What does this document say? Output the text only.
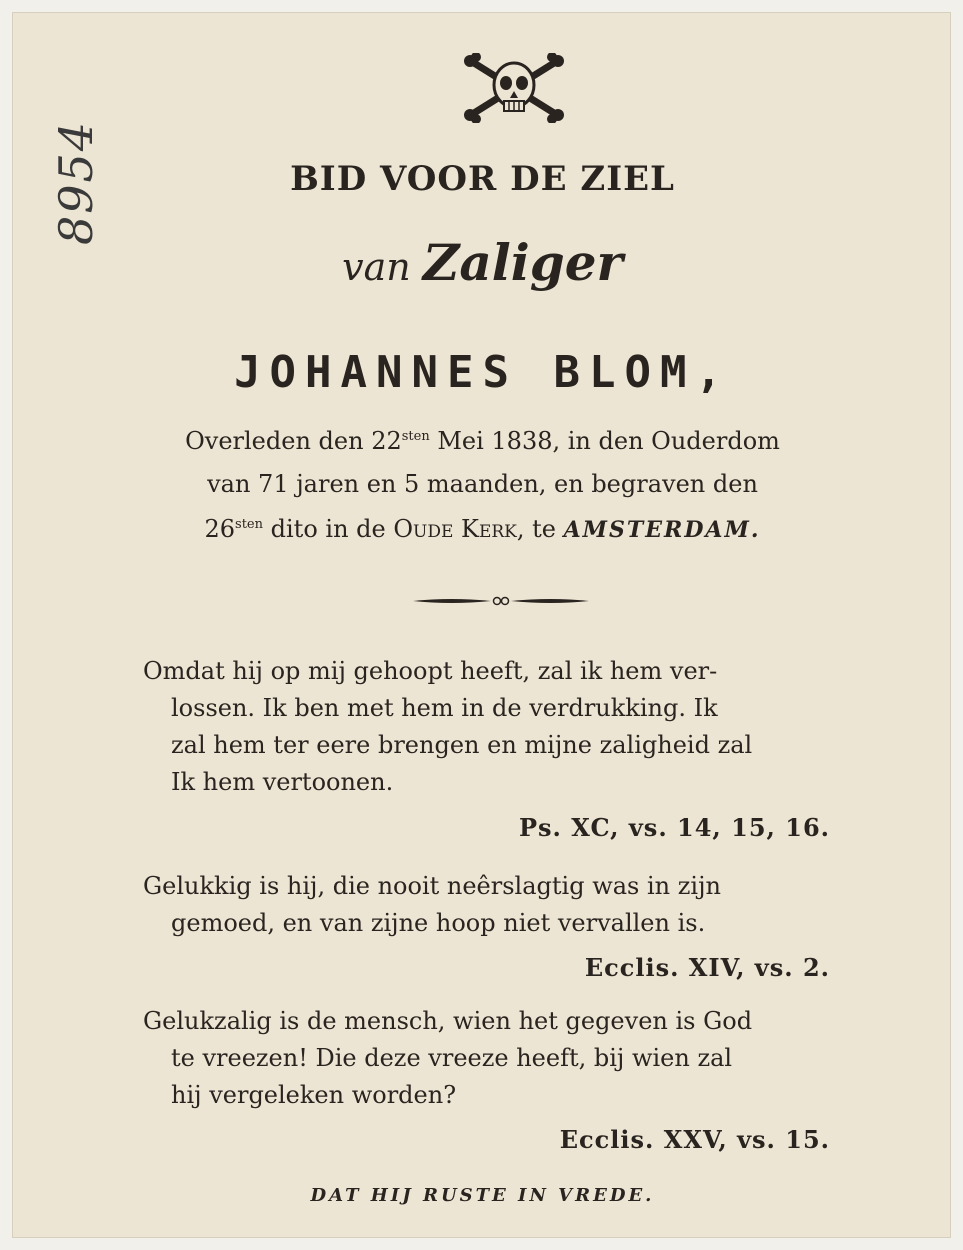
8954	BID VOOR DE ZIEL
van Zaliger
JOHANNES BLOM,
Overleden den $22^{sten}$ Mei 1838, in den Ouderdom
van 71 jaren en 5 maanden, en begraven den
$26^{sten}$ dito in de Oude Kerk, te AMSTERDAM.
Omdat hij op mij gehoopt heeft, zal ik hem ver-
lossen. Ik ben met hem in de verdrukking. Ik
zal hem ter eere brengen en mijne zaligheid zal
Ik hem vertoonen.
Ps. XC, vs. 14, 15, 16.
Gelukkig is hij, die nooit neêrslagtig was in zijn
gemoed, en van zijne hoop niet vervallen is.
Ecclis. XIV, vs. 2.
Gelukzalig is de mensch, wien het gegeven is God
te vreezen! Die deze vreeze heeft, bij wien zal
hij vergeleken worden?
Ecclis. XXV, vs. 15.
DAT HIJ RUSTE IN VREDE.
